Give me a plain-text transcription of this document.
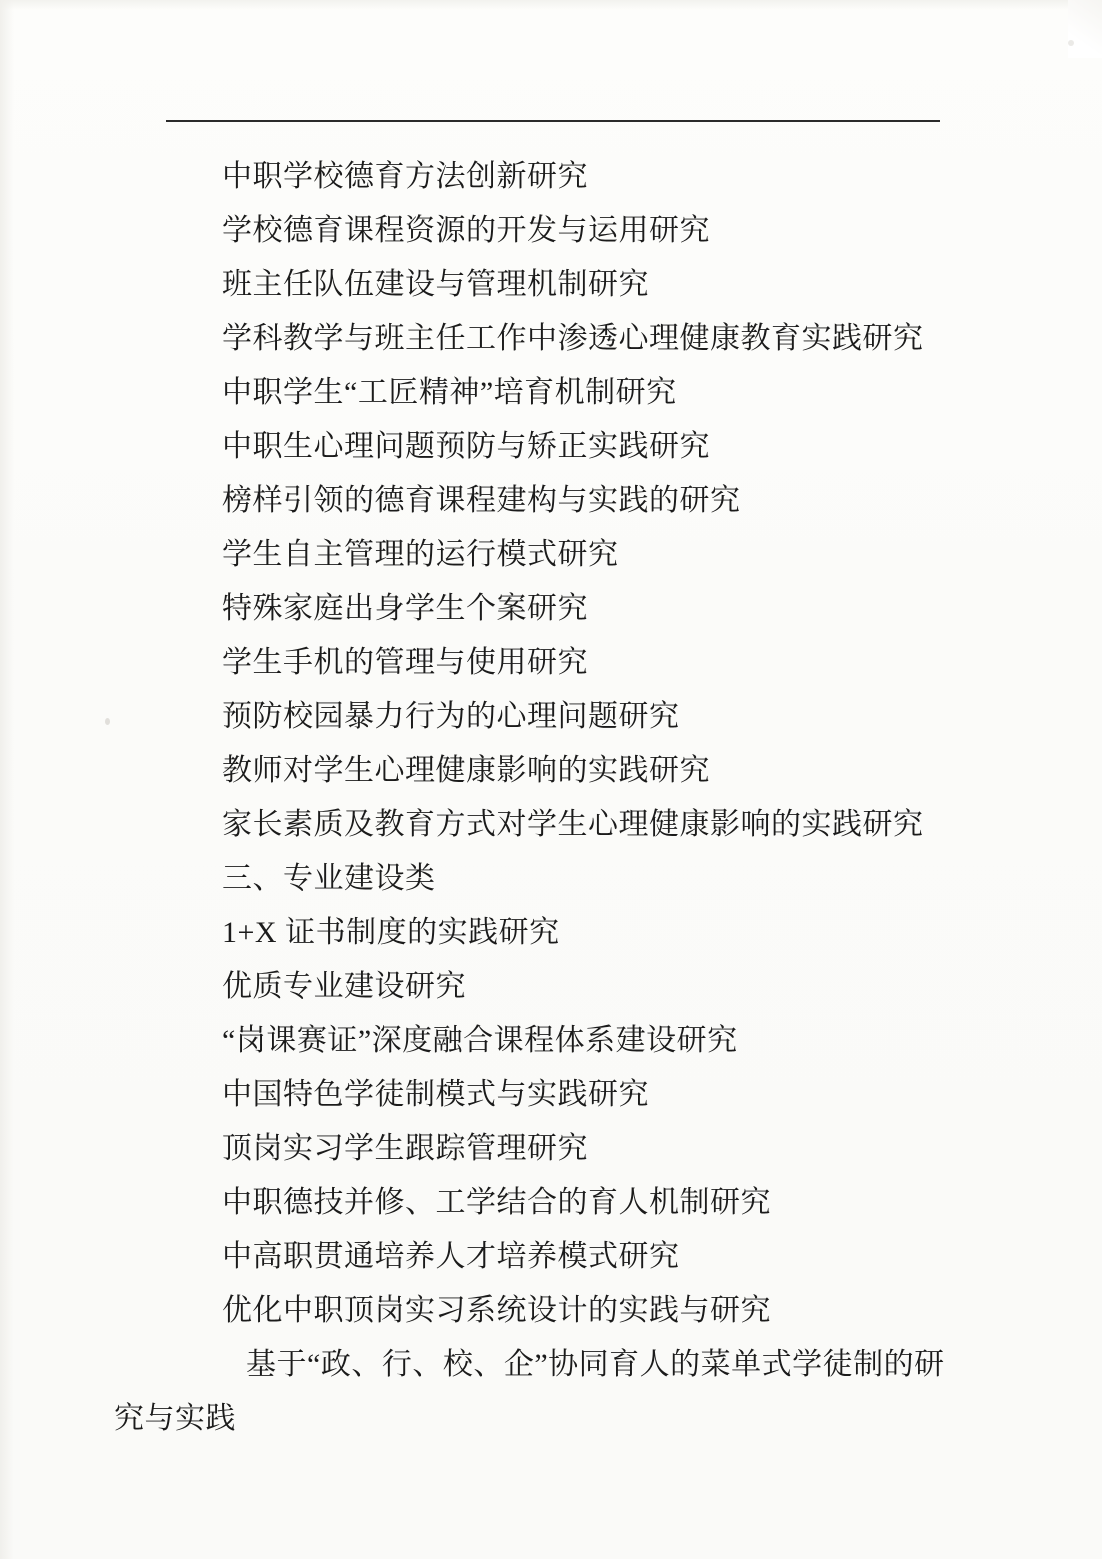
中职学校德育方法创新研究
学校德育课程资源的开发与运用研究
班主任队伍建设与管理机制研究
学科教学与班主任工作中渗透心理健康教育实践研究
中职学生“工匠精神”培育机制研究
中职生心理问题预防与矫正实践研究
榜样引领的德育课程建构与实践的研究
学生自主管理的运行模式研究
特殊家庭出身学生个案研究
学生手机的管理与使用研究
预防校园暴力行为的心理问题研究
教师对学生心理健康影响的实践研究
家长素质及教育方式对学生心理健康影响的实践研究
三、专业建设类
1+X 证书制度的实践研究
优质专业建设研究
“岗课赛证”深度融合课程体系建设研究
中国特色学徒制模式与实践研究
顶岗实习学生跟踪管理研究
中职德技并修、工学结合的育人机制研究
中高职贯通培养人才培养模式研究
优化中职顶岗实习系统设计的实践与研究
基于“政、行、校、企”协同育人的菜单式学徒制的研
究与实践
